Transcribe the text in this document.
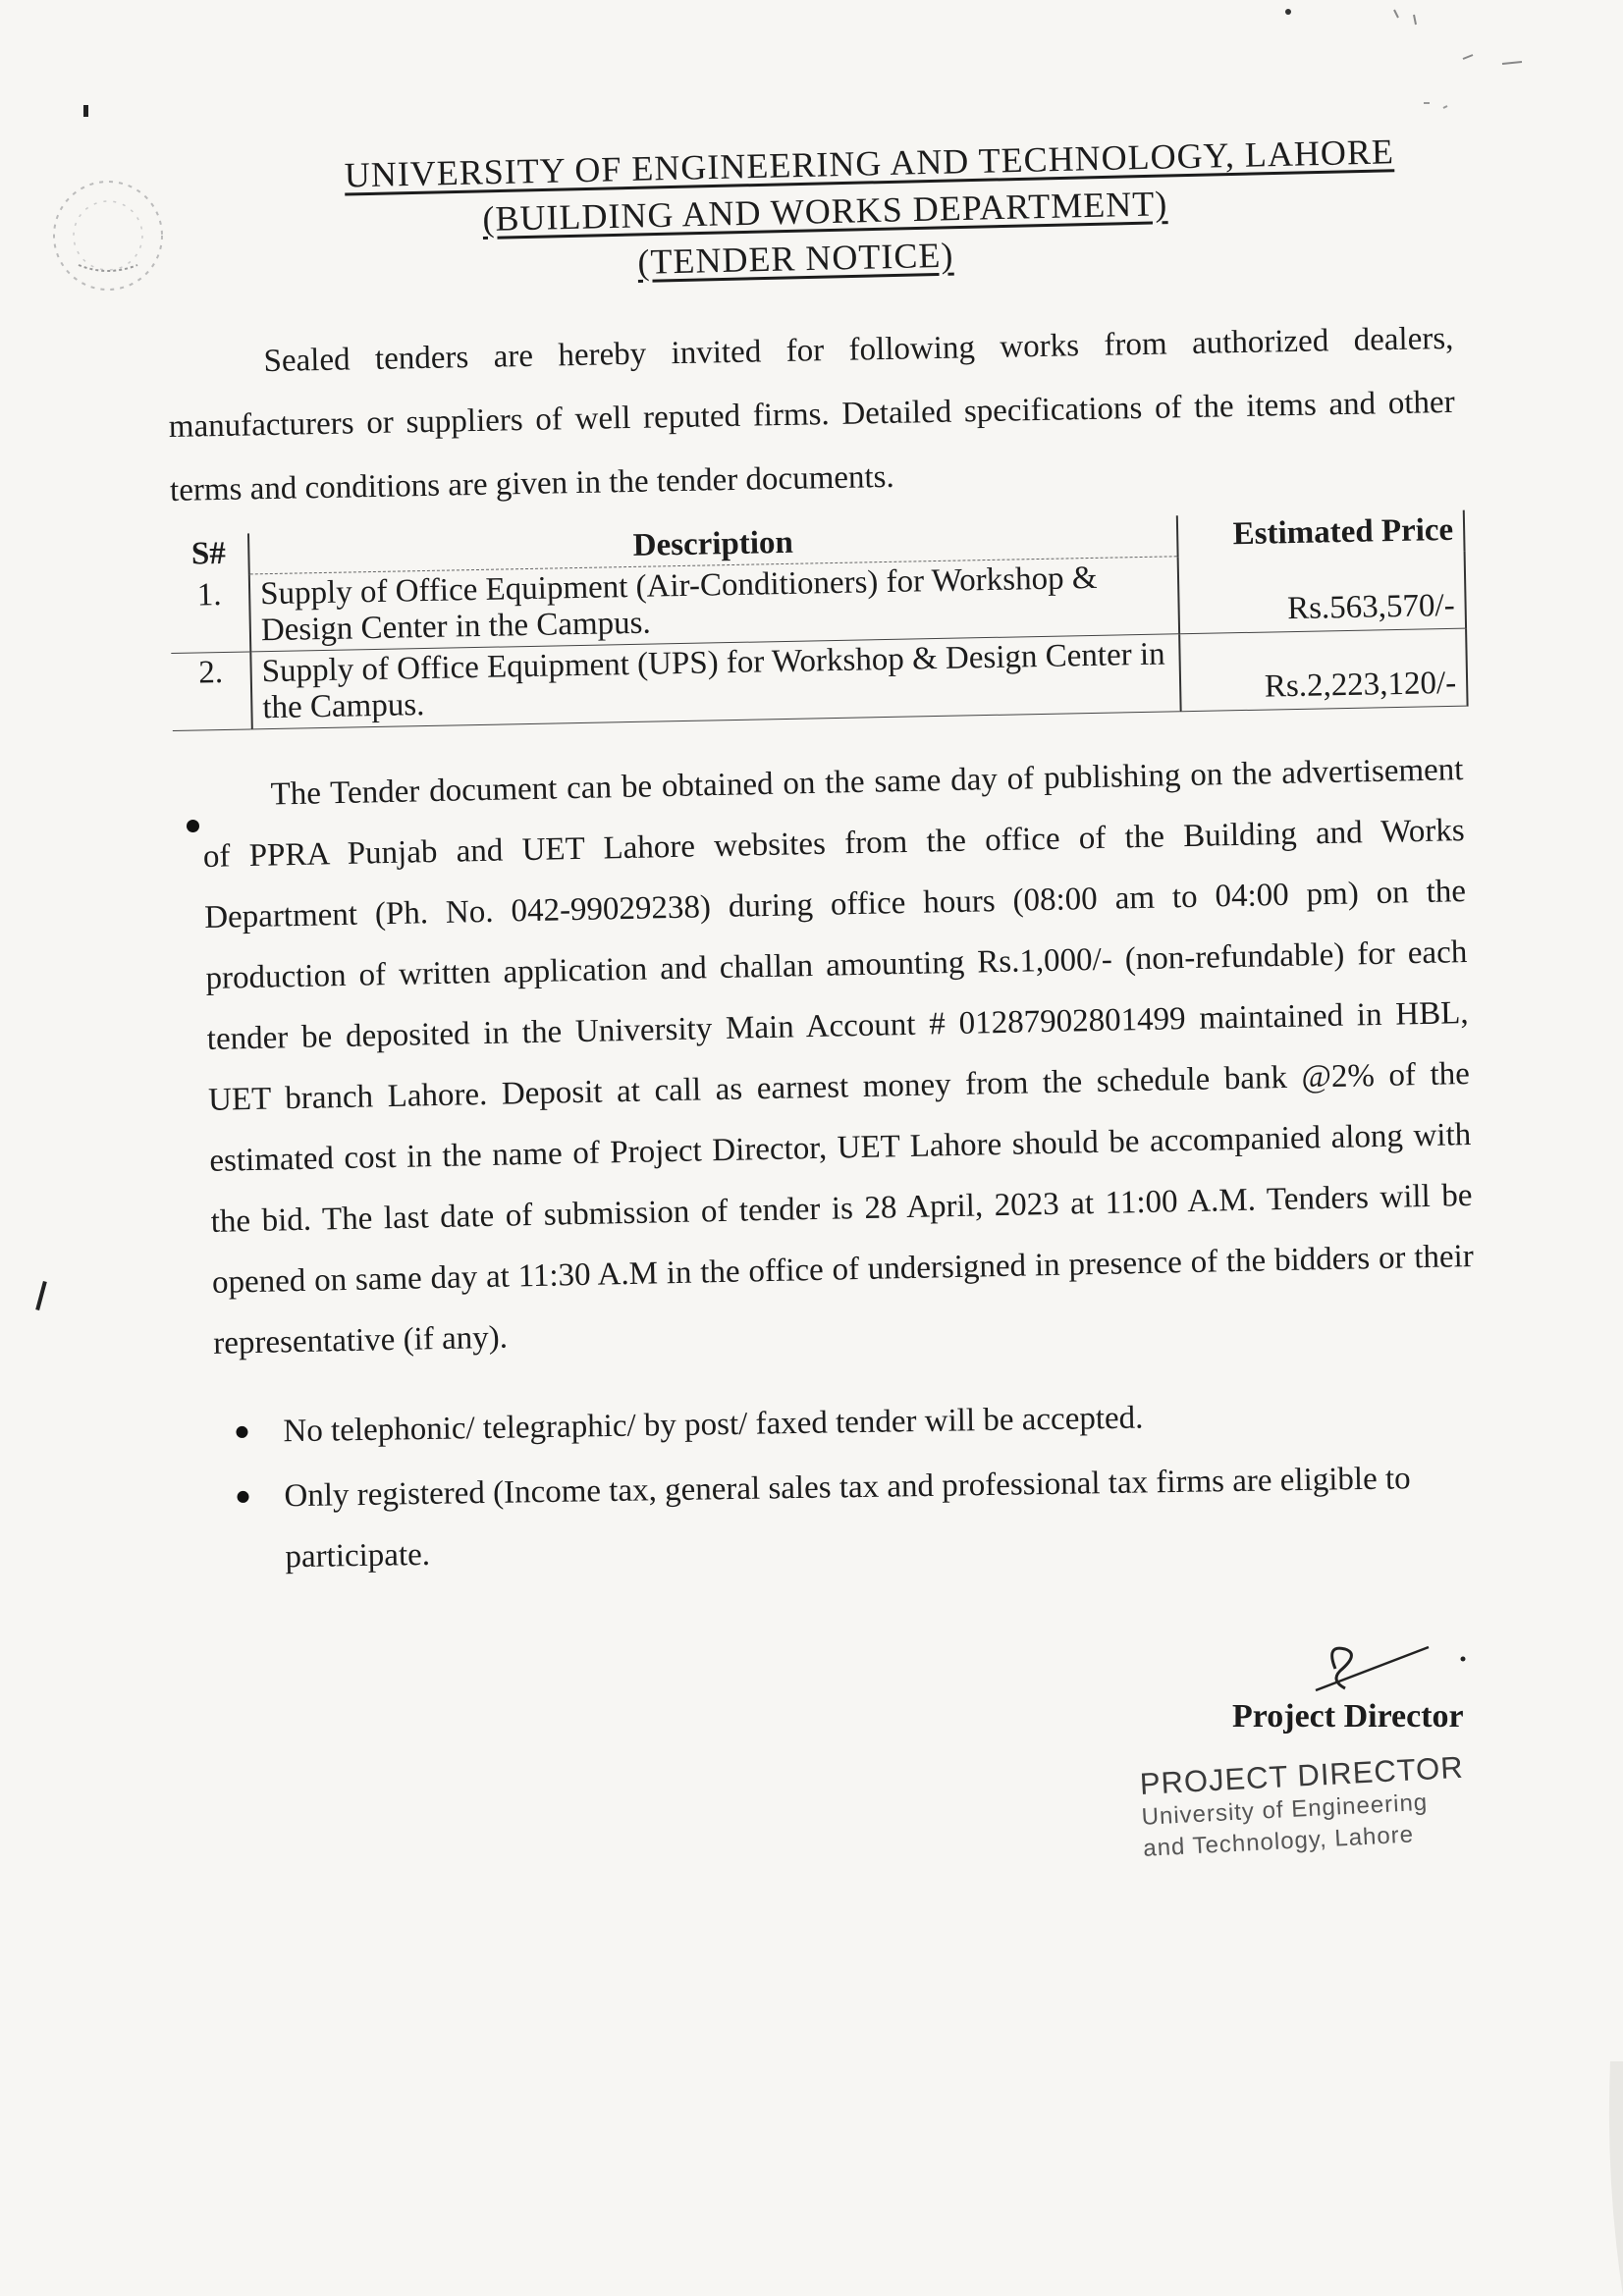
UNIVERSITY OF ENGINEERING AND TECHNOLOGY, LAHORE
(BUILDING AND WORKS DEPARTMENT)
(TENDER NOTICE)

Sealed tenders are hereby invited for following works from authorized dealers, manufacturers or suppliers of well reputed firms. Detailed specifications of the items and other terms and conditions are given in the tender documents.

S#	Description	Estimated Price
1.	Supply of Office Equipment (Air-Conditioners) for Workshop & Design Center in the Campus.	Rs.563,570/-
2.	Supply of Office Equipment (UPS) for Workshop & Design Center in the Campus.	Rs.2,223,120/-

The Tender document can be obtained on the same day of publishing on the advertisement of PPRA Punjab and UET Lahore websites from the office of the Building and Works Department (Ph. No. 042-99029238) during office hours (08:00 am to 04:00 pm) on the production of written application and challan amounting Rs.1,000/- (non-refundable) for each tender be deposited in the University Main Account # 01287902801499 maintained in HBL, UET branch Lahore. Deposit at call as earnest money from the schedule bank @2% of the estimated cost in the name of Project Director, UET Lahore should be accompanied along with the bid. The last date of submission of tender is 28 April, 2023 at 11:00 A.M. Tenders will be opened on same day at 11:30 A.M in the office of undersigned in presence of the bidders or their representative (if any).

No telephonic/ telegraphic/ by post/ faxed tender will be accepted.
Only registered (Income tax, general sales tax and professional tax firms are eligible to participate.
Project Director
PROJECT DIRECTOR
University of Engineering
and Technology, Lahore
